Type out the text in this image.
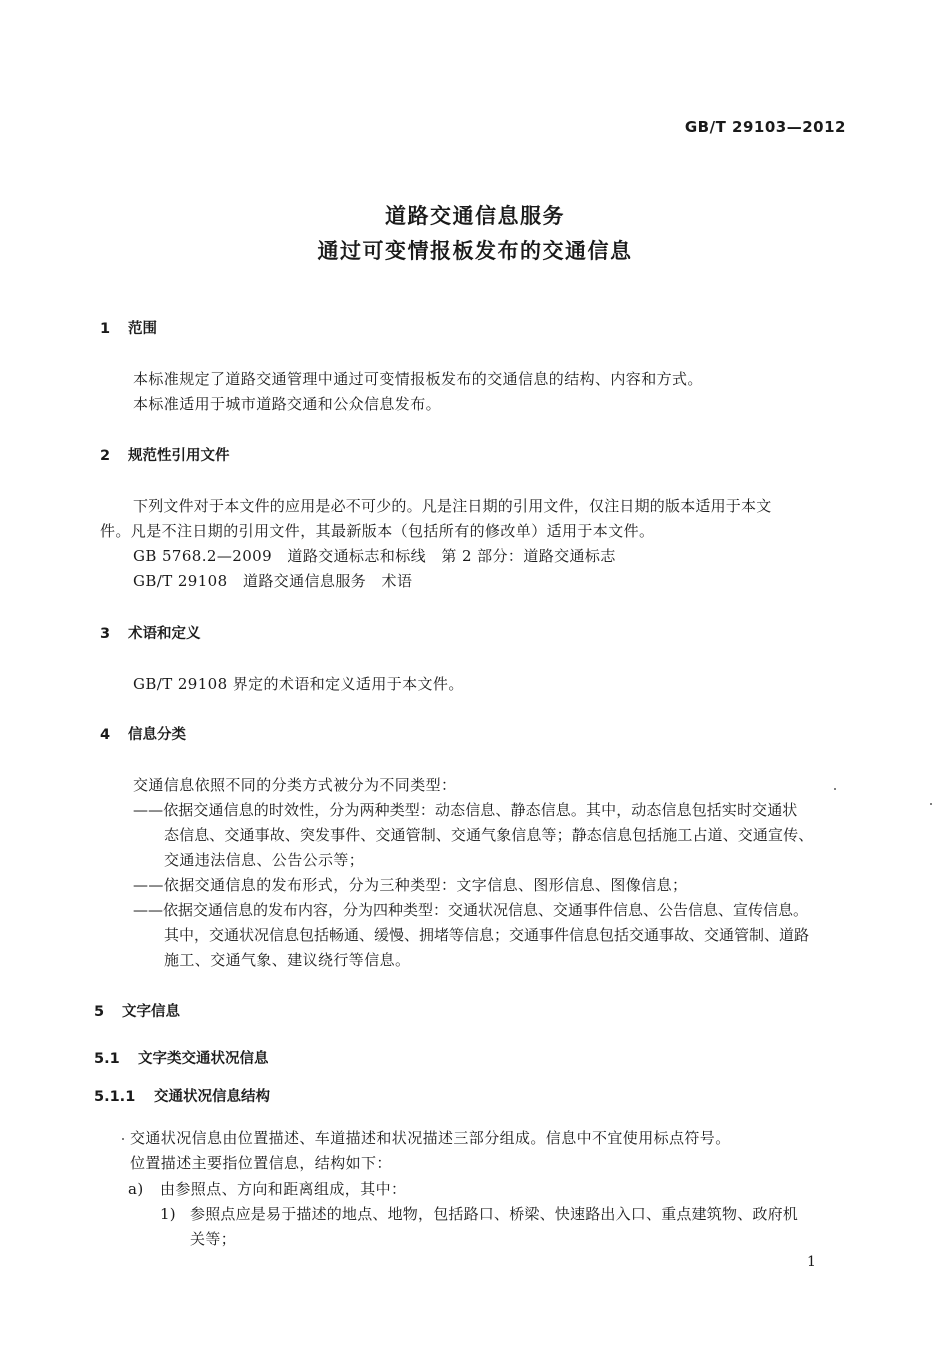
GB/T 29103—2012
道路交通信息服务
通过可变情报板发布的交通信息
1 范围
本标准规定了道路交通管理中通过可变情报板发布的交通信息的结构、内容和方式。
本标准适用于城市道路交通和公众信息发布。
2 规范性引用文件
下列文件对于本文件的应用是必不可少的。凡是注日期的引用文件，仅注日期的版本适用于本文
件。凡是不注日期的引用文件，其最新版本（包括所有的修改单）适用于本文件。
GB 5768.2—2009　道路交通标志和标线　第 2 部分：道路交通标志
GB/T 29108　道路交通信息服务　术语
3 术语和定义
GB/T 29108 界定的术语和定义适用于本文件。
4 信息分类
交通信息依照不同的分类方式被分为不同类型：
——依据交通信息的时效性，分为两种类型：动态信息、静态信息。其中，动态信息包括实时交通状
态信息、交通事故、突发事件、交通管制、交通气象信息等；静态信息包括施工占道、交通宣传、
交通违法信息、公告公示等；
——依据交通信息的发布形式，分为三种类型：文字信息、图形信息、图像信息；
——依据交通信息的发布内容，分为四种类型：交通状况信息、交通事件信息、公告信息、宣传信息。
其中，交通状况信息包括畅通、缓慢、拥堵等信息；交通事件信息包括交通事故、交通管制、道路
施工、交通气象、建议绕行等信息。
5 文字信息
5.1 文字类交通状况信息
5.1.1 交通状况信息结构
交通状况信息由位置描述、车道描述和状况描述三部分组成。信息中不宜使用标点符号。
位置描述主要指位置信息，结构如下：
a) 由参照点、方向和距离组成，其中：
1) 参照点应是易于描述的地点、地物，包括路口、桥梁、快速路出入口、重点建筑物、政府机
关等；
1
